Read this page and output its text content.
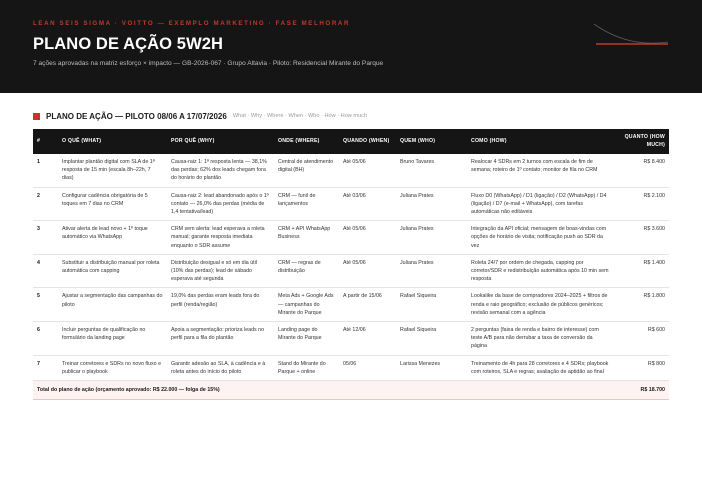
LEAN SEIS SIGMA · VOITTO — EXEMPLO MARKETING · FASE MELHORAR
PLANO DE AÇÃO 5W2H
7 ações aprovadas na matriz esforço × impacto — GB-2026-067 · Grupo Altavia · Piloto: Residencial Mirante do Parque
PLANO DE AÇÃO — PILOTO 08/06 A 17/07/2026 What · Why · Where · When · Who · How · How much
#	O QUÊ (WHAT)	POR QUÊ (WHY)	ONDE (WHERE)	QUANDO (WHEN)	QUEM (WHO)	COMO (HOW)	QUANTO (HOW MUCH)
1	Implantar plantão digital com SLA de 1ª resposta de 15 min (escala 8h–22h, 7 dias)	Causa-raiz 1: 1ª resposta lenta — 38,1% das perdas; 62% dos leads chegam fora do horário do plantão	Central de atendimento digital (BH)	Até 05/06	Bruno Tavares	Realocar 4 SDRs em 2 turnos com escala de fim de semana; roteiro de 1º contato; monitor de fila no CRM	R$ 8.400
2	Configurar cadência obrigatória de 5 toques em 7 dias no CRM	Causa-raiz 2: lead abandonado após o 1º contato — 26,0% das perdas (média de 1,4 tentativa/lead)	CRM — funil de lançamentos	Até 03/06	Juliana Prates	Fluxo D0 (WhatsApp) / D1 (ligação) / D2 (WhatsApp) / D4 (ligação) / D7 (e-mail + WhatsApp), com tarefas automáticas não editáveis	R$ 2.100
3	Ativar alerta de lead novo + 1º toque automático via WhatsApp	CRM sem alerta: lead esperava a roleta manual; garante resposta imediata enquanto o SDR assume	CRM + API WhatsApp Business	Até 05/06	Juliana Prates	Integração da API oficial; mensagem de boas-vindas com opções de horário de visita; notificação push ao SDR da vez	R$ 3.600
4	Substituir a distribuição manual por roleta automática com capping	Distribuição desigual e só em dia útil (10% das perdas); lead de sábado esperava até segunda	CRM — regras de distribuição	Até 05/06	Juliana Prates	Roleta 24/7 por ordem de chegada, capping por corretor/SDR e redistribuição automática após 10 min sem resposta	R$ 1.400
5	Ajustar a segmentação das campanhas do piloto	19,0% das perdas eram leads fora do perfil (renda/região)	Meta Ads + Google Ads — campanhas do Mirante do Parque	A partir de 15/06	Rafael Siqueira	Lookalike da base de compradores 2024–2025 + filtros de renda e raio geográfico; exclusão de públicos genéricos; revisão semanal com a agência	R$ 1.800
6	Incluir perguntas de qualificação no formulário da landing page	Apoia a segmentação: prioriza leads no perfil para a fila do plantão	Landing page do Mirante do Parque	Até 12/06	Rafael Siqueira	2 perguntas (faixa de renda e bairro de interesse) com teste A/B para não derrubar a taxa de conversão da página	R$ 600
7	Treinar corretores e SDRs no novo fluxo e publicar o playbook	Garantir adesão ao SLA, à cadência e à roleta antes do início do piloto	Stand do Mirante do Parque + online	05/06	Larissa Menezes	Treinamento de 4h para 28 corretores e 4 SDRs; playbook com roteiros, SLA e regras; avaliação de aptidão ao final	R$ 800
Total do plano de ação (orçamento aprovado: R$ 22.000 — folga de 15%)							R$ 18.700
